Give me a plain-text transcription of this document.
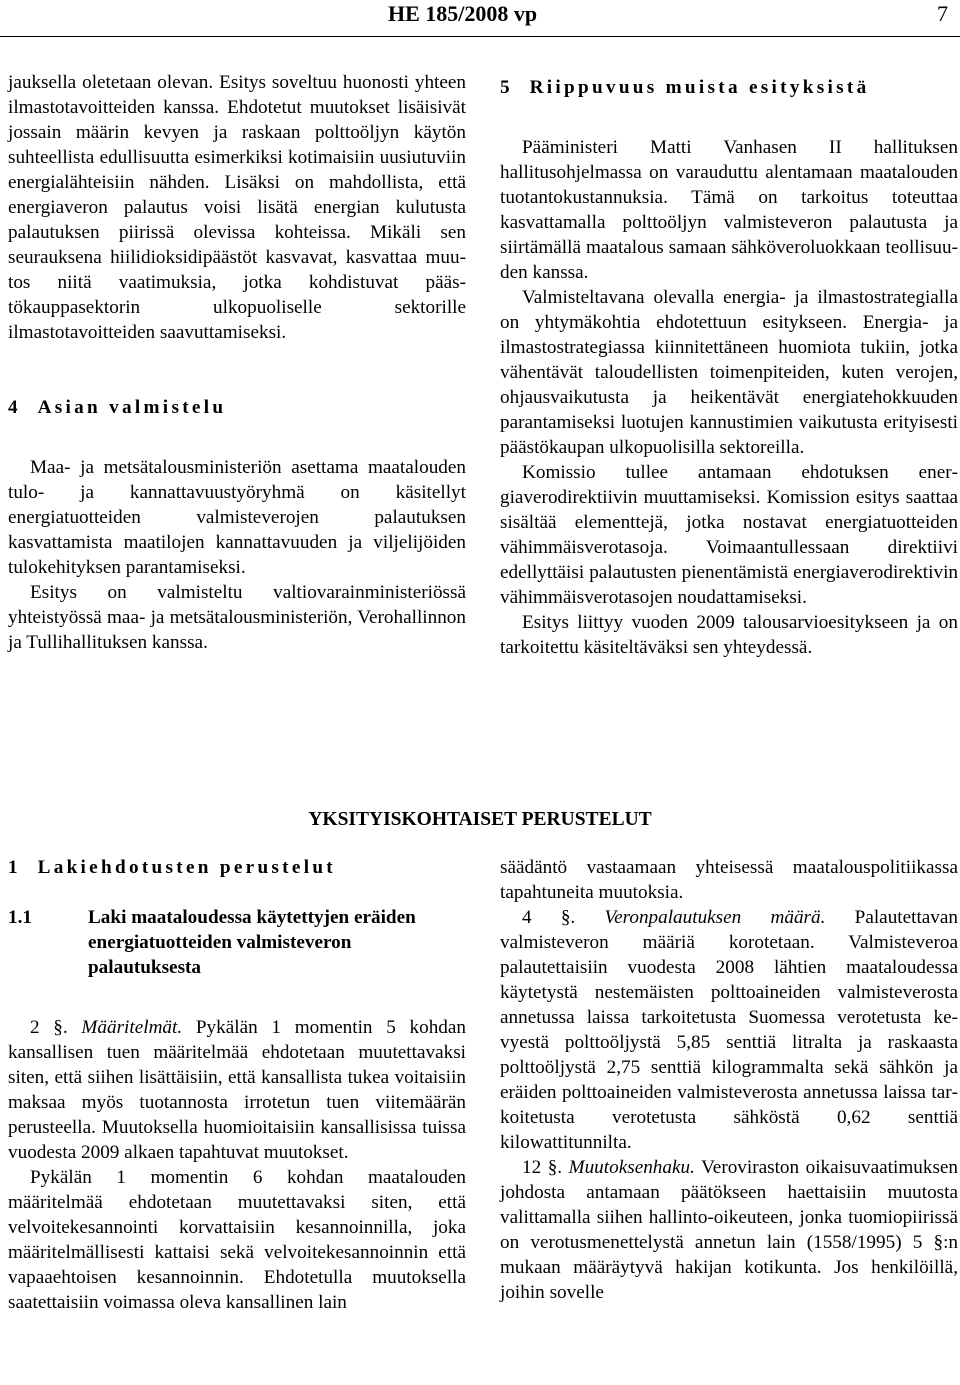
HE 185/2008 vp	7

jauksella oletetaan olevan. Esitys soveltuu huonosti yhteen ilmastotavoitteiden kanssa. Ehdotetut muutokset lisäisivät jossain määrin kevyen ja raskaan polttoöljyn käytön suhteellista edullisuutta esimerkiksi kotimaisiin uusiutuviin energialähteisiin nähden. Lisäksi on mahdollista, että energiaveron palautus voisi lisätä energian kulutusta palautuksen piirissä olevissa kohteissa. Mikäli sen seurauksena hiilidioksidipäästöt kasvavat, kasvattaa muutos niitä vaatimuksia, jotka kohdistuvat päästökauppasektorin ulkopuoliselle sektorille ilmastotavoitteiden saavuttamiseksi.

4 Asian valmistelu

Maa- ja metsätalousministeriön asettama maatalouden tulo- ja kannattavuustyöryhmä on käsitellyt energiatuotteiden valmisteverojen palautuksen kasvattamista maatilojen kannattavuuden ja viljelijöiden tulokehityksen parantamiseksi.

Esitys on valmisteltu valtiovarainministeriössä yhteistyössä maa- ja metsätalousministeriön, Verohallinnon ja Tullihallituksen kanssa.

5 Riippuvuus muista esityksistä

Pääministeri Matti Vanhasen II hallituksen hallitusohjelmassa on varauduttu alentamaan maatalouden tuotantokustannuksia. Tämä on tarkoitus toteuttaa kasvattamalla polttoöljyn valmisteveron palautusta ja siirtämällä maatalous samaan sähköveroluokkaan teollisuuden kanssa.

Valmisteltavana olevalla energia- ja ilmastostrategialla on yhtymäkohtia ehdotettuun esitykseen. Energia- ja ilmastostrategiassa kiinnitettäneen huomiota tukiin, jotka vähentävät taloudellisten toimenpiteiden, kuten verojen, ohjausvaikutusta ja heikentävät energiatehokkuuden parantamiseksi luotujen kannustimien vaikutusta erityisesti päästökaupan ulkopuolisilla sektoreilla.

Komissio tullee antamaan ehdotuksen energiaverodirektiivin muuttamiseksi. Komission esitys saattaa sisältää elementtejä, jotka nostavat energiatuotteiden vähimmäisverotasoja. Voimaantullessaan direktiivi edellyttäisi palautusten pienentämistä energiaverodirektivin vähimmäisverotasojen noudattamiseksi.

Esitys liittyy vuoden 2009 talousarvioesitykseen ja on tarkoitettu käsiteltäväksi sen yhteydessä.

YKSITYISKOHTAISET PERUSTELUT

1 Lakiehdotusten perustelut

1.1	Laki maataloudessa käytettyjen eräiden energiatuotteiden valmisteveron palautuksesta

2 §. Määritelmät. Pykälän 1 momentin 5 kohdan kansallisen tuen määritelmää ehdotetaan muutettavaksi siten, että siihen lisättäisiin, että kansallista tukea voitaisiin maksaa myös tuotannosta irrotetun tuen viitemäärän perusteella. Muutoksella huomioitaisiin kansallisissa tuissa vuodesta 2009 alkaen tapahtuvat muutokset.

Pykälän 1 momentin 6 kohdan maatalouden määritelmää ehdotetaan muutettavaksi siten, että velvoitekesannointi korvattaisiin kesannoinnilla, joka määritelmällisesti kattaisi sekä velvoitekesannoinnin että vapaaehtoisen kesannoinnin. Ehdotetulla muutoksella saatettaisiin voimassa oleva kansallinen lain

säädäntö vastaamaan yhteisessä maatalouspolitiikassa tapahtuneita muutoksia.

4 §. Veronpalautuksen määrä. Palautettavan valmisteveron määriä korotetaan. Valmisteveroa palautettaisiin vuodesta 2008 lähtien maataloudessa käytetystä nestemäisten polttoaineiden valmisteverosta annetussa laissa tarkoitetusta Suomessa verotetusta kevyestä polttoöljystä 5,85 senttiä litralta ja raskaasta polttoöljystä 2,75 senttiä kilogrammalta sekä sähkön ja eräiden polttoaineiden valmisteverosta annetussa laissa tarkoitetusta verotetusta sähköstä 0,62 senttiä kilowattitunnilta.

12 §. Muutoksenhaku. Veroviraston oikaisuvaatimuksen johdosta antamaan päätökseen haettaisiin muutosta valittamalla siihen hallinto-oikeuteen, jonka tuomiopiirissä on verotusmenettelystä annetun lain (1558/1995) 5 §:n mukaan määräytyvä hakijan kotikunta. Jos henkilöillä, joihin sovelle
